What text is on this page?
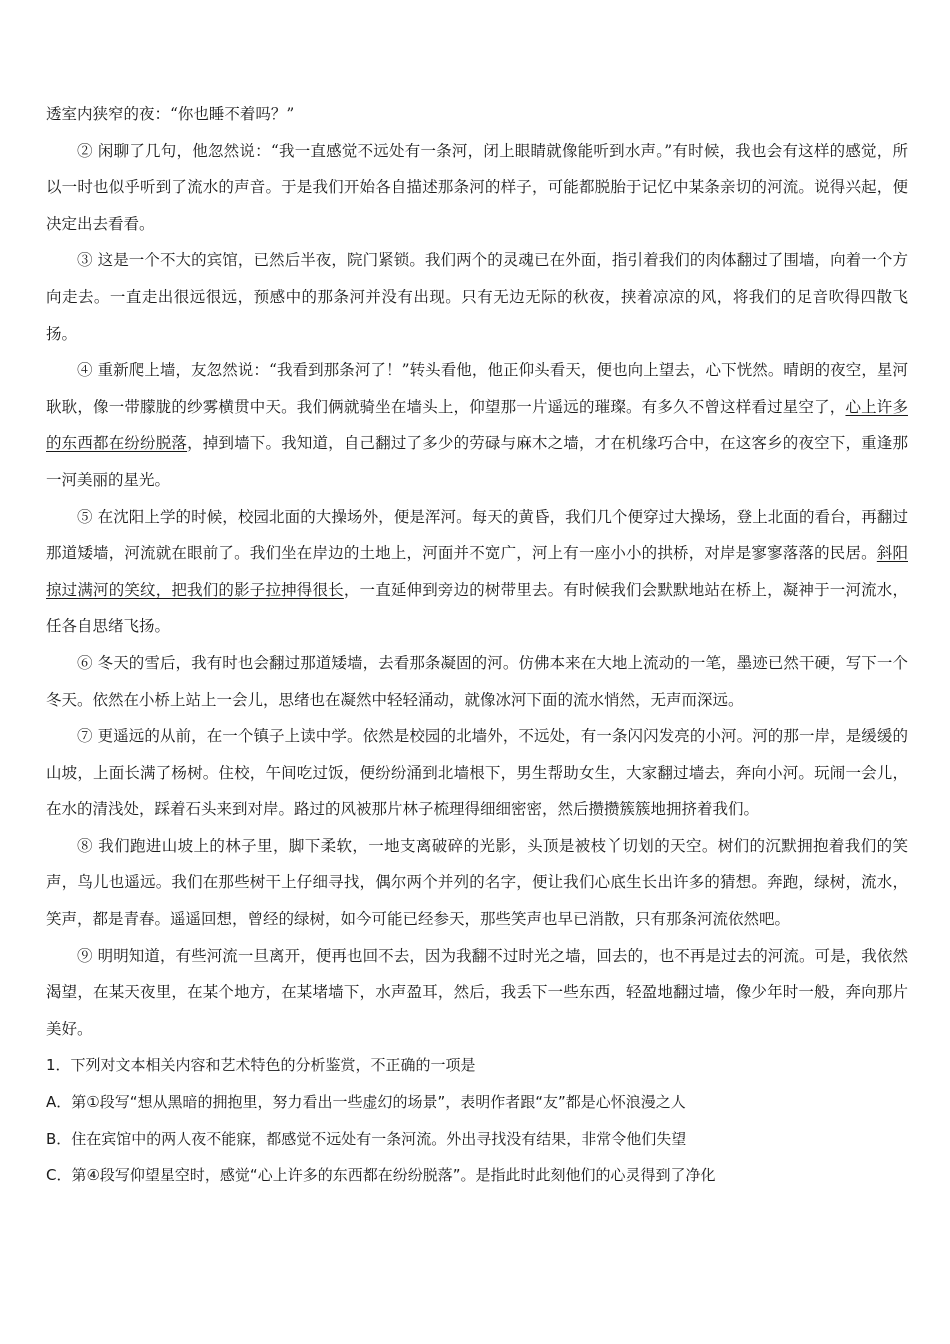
透室内狭窄的夜：“你也睡不着吗？”

② 闲聊了几句，他忽然说：“我一直感觉不远处有一条河，闭上眼睛就像能听到水声。”有时候，我也会有这样的感觉，所以一时也似乎听到了流水的声音。于是我们开始各自描述那条河的样子，可能都脱胎于记忆中某条亲切的河流。说得兴起，便决定出去看看。

③ 这是一个不大的宾馆，已然后半夜，院门紧锁。我们两个的灵魂已在外面，指引着我们的肉体翻过了围墙，向着一个方向走去。一直走出很远很远，预感中的那条河并没有出现。只有无边无际的秋夜，挟着凉凉的风，将我们的足音吹得四散飞扬。

④ 重新爬上墙，友忽然说：“我看到那条河了！”转头看他，他正仰头看天，便也向上望去，心下恍然。晴朗的夜空，星河耿耿，像一带朦胧的纱雾横贯中天。我们俩就骑坐在墙头上，仰望那一片遥远的璀璨。有多久不曾这样看过星空了，心上许多的东西都在纷纷脱落，掉到墙下。我知道，自己翻过了多少的劳碌与麻木之墙，才在机缘巧合中，在这客乡的夜空下，重逢那一河美丽的星光。

⑤ 在沈阳上学的时候，校园北面的大操场外，便是浑河。每天的黄昏，我们几个便穿过大操场，登上北面的看台，再翻过那道矮墙，河流就在眼前了。我们坐在岸边的土地上，河面并不宽广，河上有一座小小的拱桥，对岸是寥寥落落的民居。斜阳掠过满河的笑纹，把我们的影子拉抻得很长，一直延伸到旁边的树带里去。有时候我们会默默地站在桥上，凝神于一河流水，任各自思绪飞扬。

⑥ 冬天的雪后，我有时也会翻过那道矮墙，去看那条凝固的河。仿佛本来在大地上流动的一笔，墨迹已然干硬，写下一个冬天。依然在小桥上站上一会儿，思绪也在凝然中轻轻涌动，就像冰河下面的流水悄然，无声而深远。

⑦ 更遥远的从前，在一个镇子上读中学。依然是校园的北墙外，不远处，有一条闪闪发亮的小河。河的那一岸，是缓缓的山坡，上面长满了杨树。住校，午间吃过饭，便纷纷涌到北墙根下，男生帮助女生，大家翻过墙去，奔向小河。玩闹一会儿，在水的清浅处，踩着石头来到对岸。路过的风被那片林子梳理得细细密密，然后攒攒簇簇地拥挤着我们。

⑧ 我们跑进山坡上的林子里，脚下柔软，一地支离破碎的光影，头顶是被枝丫切划的天空。树们的沉默拥抱着我们的笑声，鸟儿也遥远。我们在那些树干上仔细寻找，偶尔两个并列的名字，便让我们心底生长出许多的猜想。奔跑，绿树，流水，笑声，都是青春。遥遥回想，曾经的绿树，如今可能已经参天，那些笑声也早已消散，只有那条河流依然吧。

⑨ 明明知道，有些河流一旦离开，便再也回不去，因为我翻不过时光之墙，回去的，也不再是过去的河流。可是，我依然渴望，在某天夜里，在某个地方，在某堵墙下，水声盈耳，然后，我丢下一些东西，轻盈地翻过墙，像少年时一般，奔向那片美好。

1．下列对文本相关内容和艺术特色的分析鉴赏，不正确的一项是

A．第①段写“想从黑暗的拥抱里，努力看出一些虚幻的场景”，表明作者跟“友”都是心怀浪漫之人

B．住在宾馆中的两人夜不能寐，都感觉不远处有一条河流。外出寻找没有结果，非常令他们失望

C．第④段写仰望星空时，感觉“心上许多的东西都在纷纷脱落”。是指此时此刻他们的心灵得到了净化
